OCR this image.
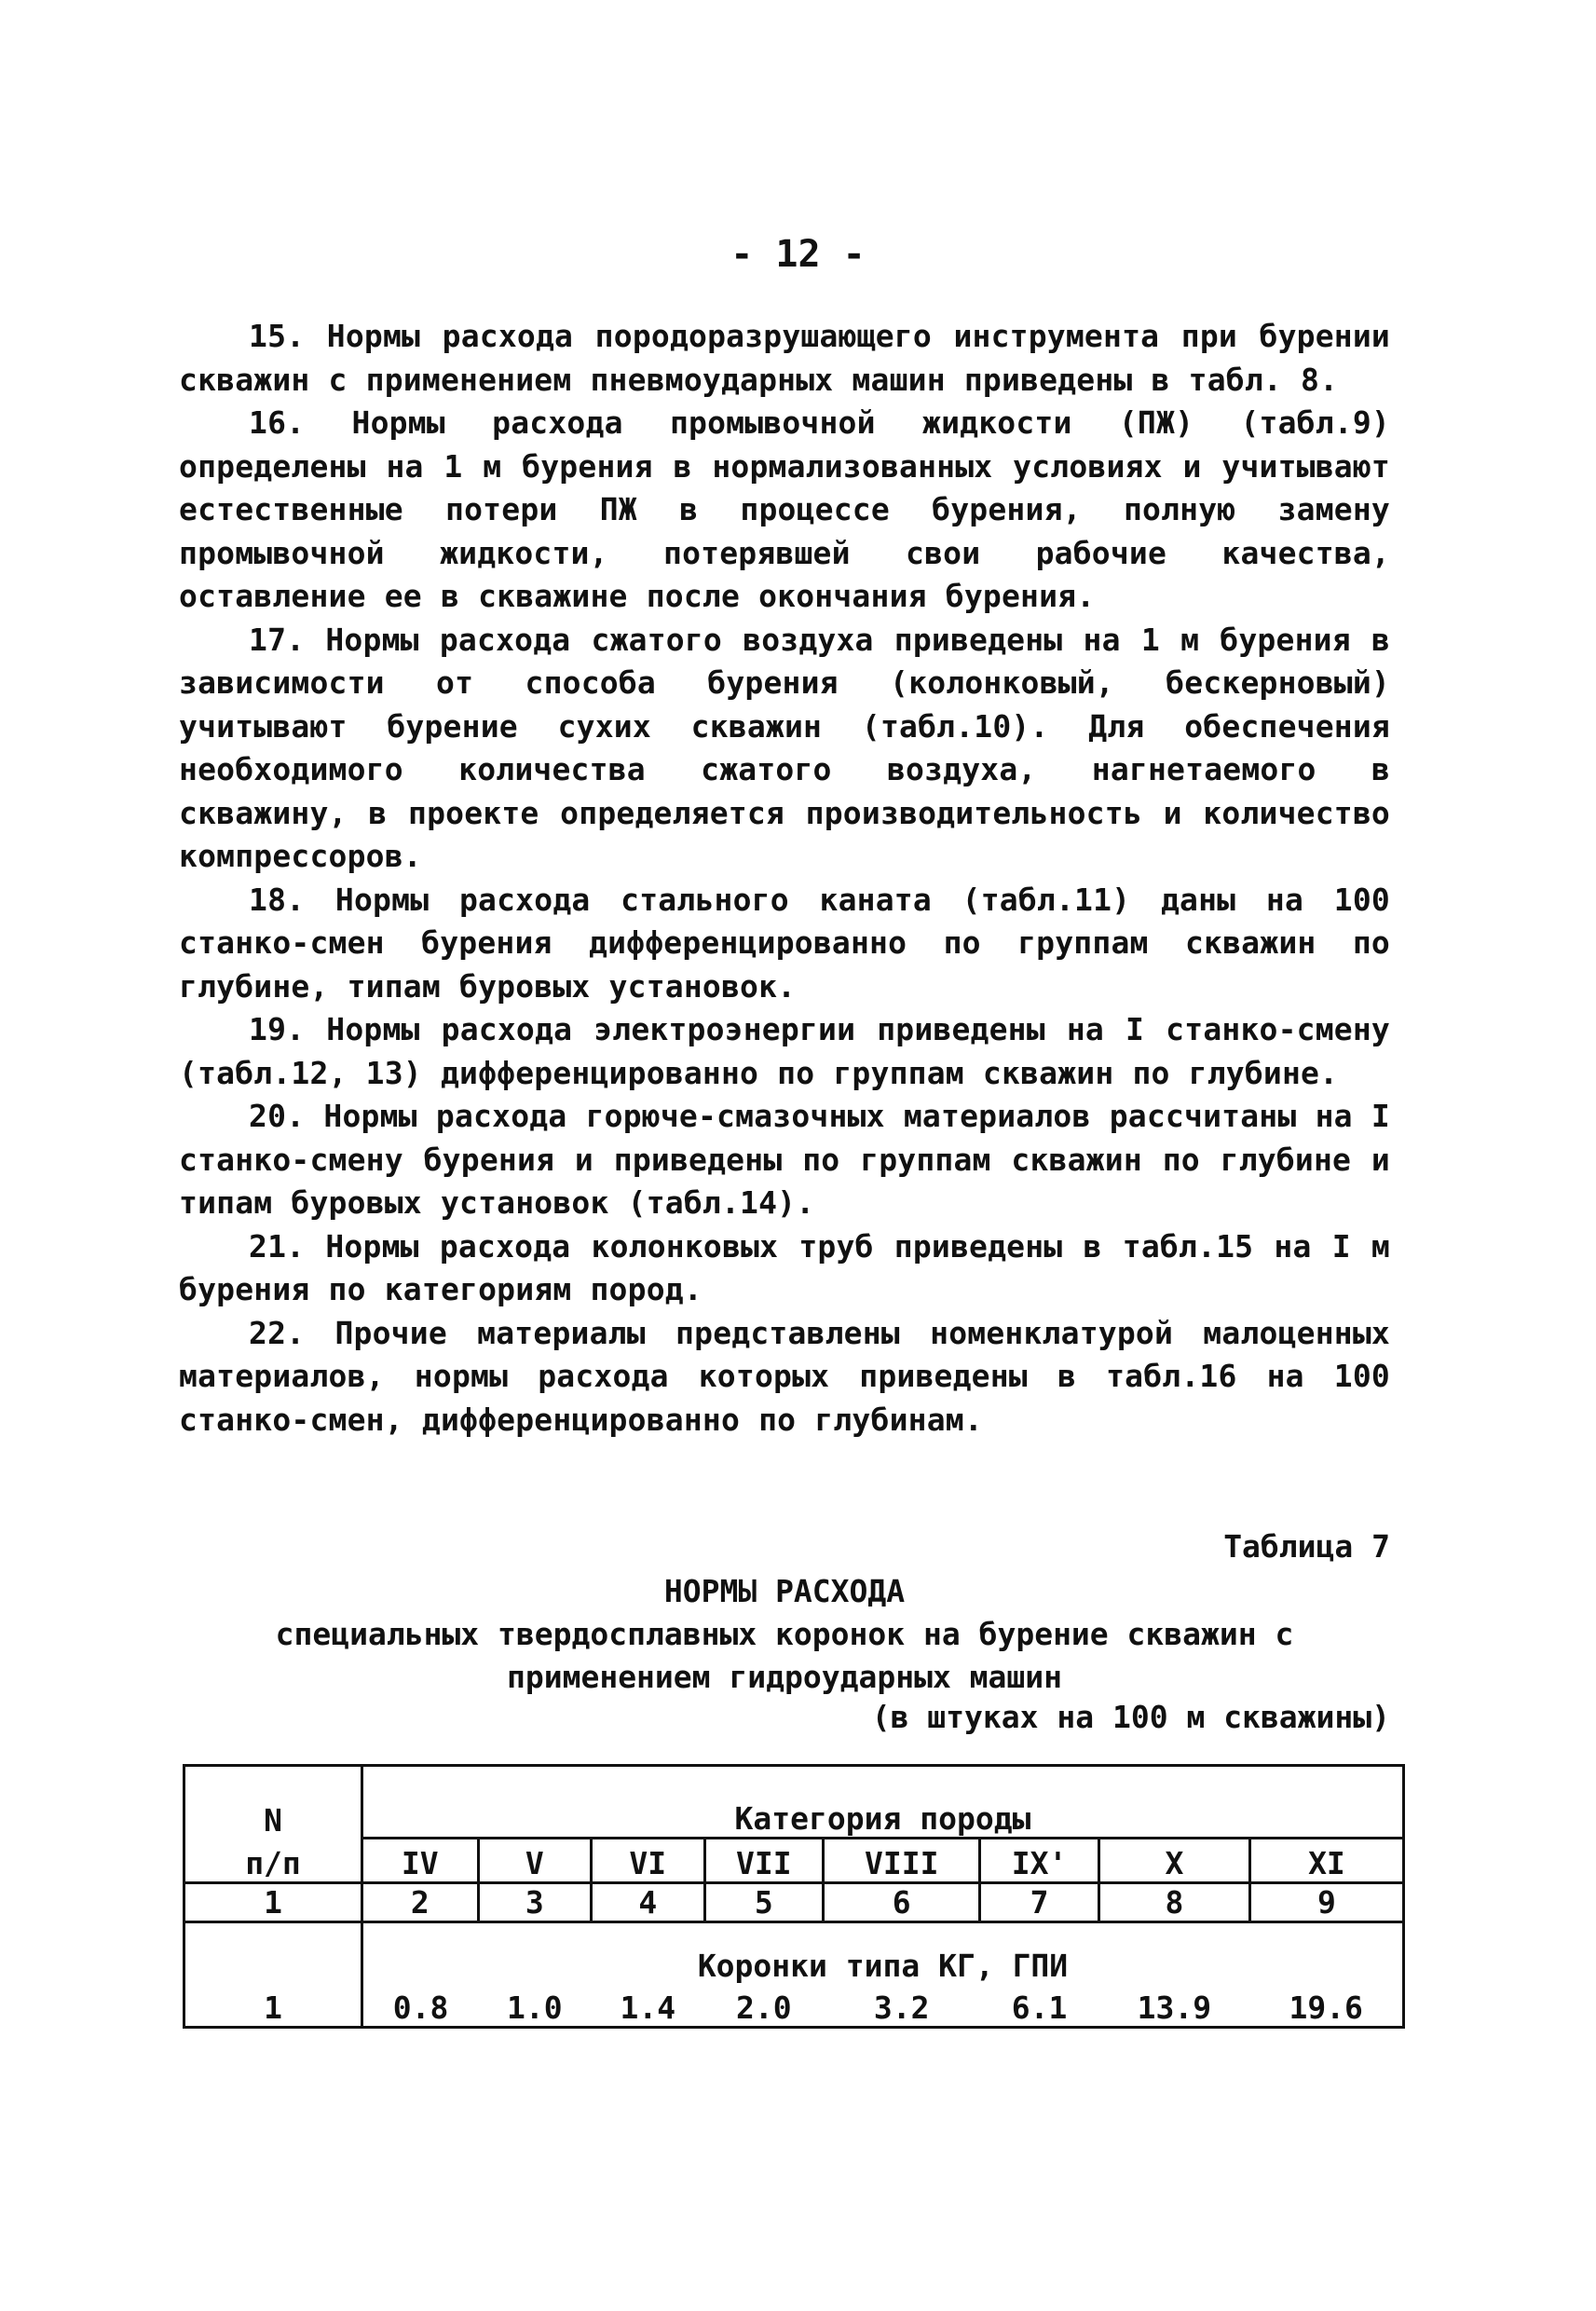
- 12 -

15. Нормы расхода породоразрушающего инструмента при бурении скважин с применением пневмоударных машин приведены в табл. 8.

16. Нормы расхода промывочной жидкости (ПЖ) (табл.9) определены на 1 м бурения в нормализованных условиях и учитывают естественные потери ПЖ в процессе бурения, полную замену промывочной жидкости, потерявшей свои рабочие качества, оставление ее в скважине после окончания бурения.

17. Нормы расхода сжатого воздуха приведены на 1 м бурения в зависимости от способа бурения (колонковый, бескерновый) учитывают бурение сухих скважин (табл.10). Для обеспечения необходимого количества сжатого воздуха, нагнетаемого в скважину, в проекте определяется производительность и количество компрессоров.

18. Нормы расхода стального каната (табл.11) даны на 100 станко-смен бурения дифференцированно по группам скважин по глубине, типам буровых установок.

19. Нормы расхода электроэнергии приведены на I станко-смену (табл.12, 13) дифференцированно по группам скважин по глубине.

20. Нормы расхода горюче-смазочных материалов рассчитаны на I станко-смену бурения и приведены по группам скважин по глубине и типам буровых установок (табл.14).

21. Нормы расхода колонковых труб приведены в табл.15 на I м бурения по категориям пород.

22. Прочие материалы представлены номенклатурой малоценных материалов, нормы расхода которых приведены в табл.16 на 100 станко-смен, дифференцированно по глубинам.

Таблица 7
НОРМЫ РАСХОДА
специальных твердосплавных коронок на бурение скважин с
применением гидроударных машин
(в штуках на 100 м скважины)

N	Категория породы							
п/п	IV	V	VI	VII	VIII	IX'	X	XI
1	2	3	4	5	6	7	8	9

	Коронки типа КГ, ГПИ							
1	0.8	1.0	1.4	2.0	3.2	6.1	13.9	19.6
